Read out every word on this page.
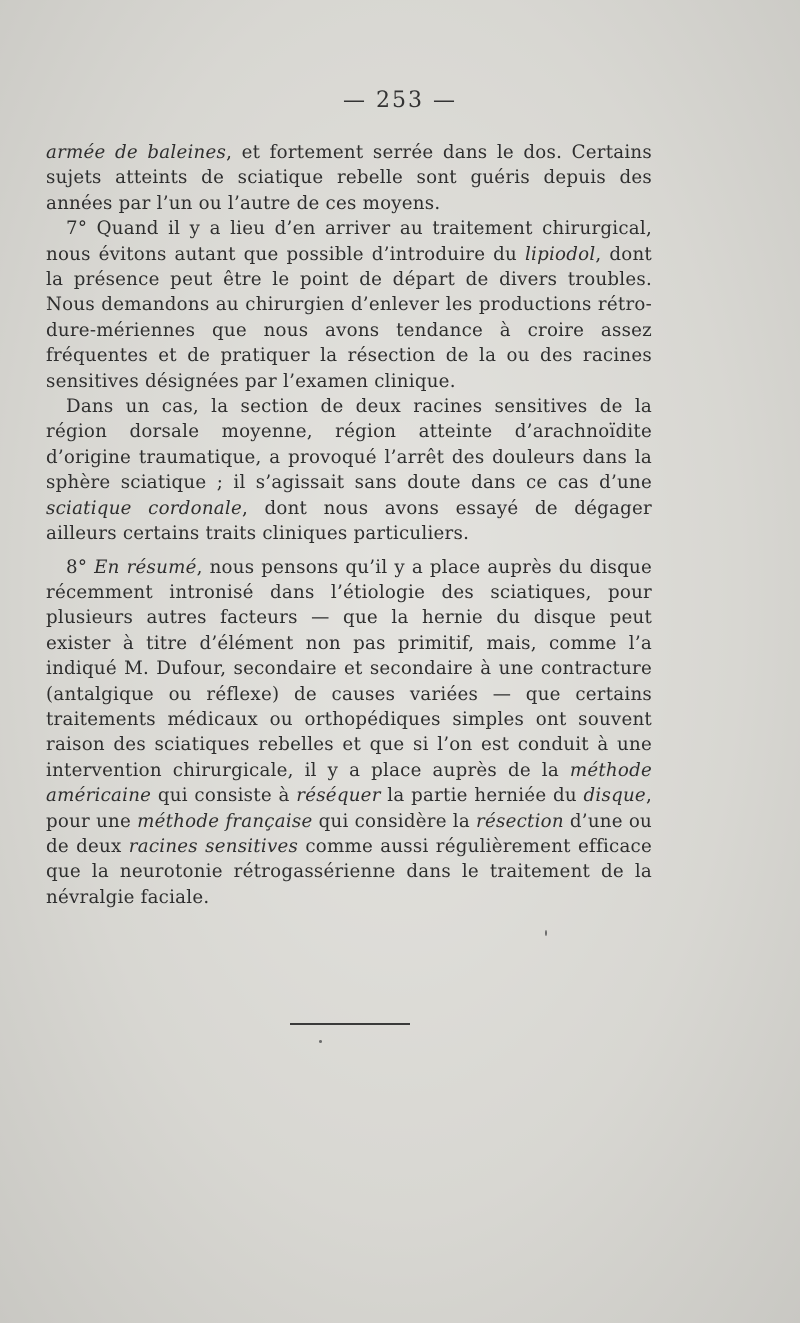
— 253 —

armée de baleines, et fortement serrée dans le dos. Certains sujets atteints de sciatique rebelle sont guéris depuis des années par l’un ou l’autre de ces moyens.

7° Quand il y a lieu d’en arriver au traitement chirurgical, nous évitons autant que possible d’introduire du lipiodol, dont la présence peut être le point de départ de divers troubles. Nous demandons au chirurgien d’enlever les productions rétro-dure-mériennes que nous avons tendance à croire assez fréquentes et de pratiquer la résection de la ou des racines sensitives désignées par l’examen clinique.

Dans un cas, la section de deux racines sensitives de la région dorsale moyenne, région atteinte d’arachnoïdite d’origine traumatique, a provoqué l’arrêt des douleurs dans la sphère sciatique ; il s’agissait sans doute dans ce cas d’une sciatique cordonale, dont nous avons essayé de dégager ailleurs certains traits cliniques particuliers.

8° En résumé, nous pensons qu’il y a place auprès du disque récemment intronisé dans l’étiologie des sciatiques, pour plusieurs autres facteurs — que la hernie du disque peut exister à titre d’élément non pas primitif, mais, comme l’a indiqué M. Dufour, secondaire et secondaire à une contracture (antalgique ou réflexe) de causes variées — que certains traitements médicaux ou orthopédiques simples ont souvent raison des sciatiques rebelles et que si l’on est conduit à une intervention chirurgicale, il y a place auprès de la méthode américaine qui consiste à réséquer la partie herniée du disque, pour une méthode française qui considère la résection d’une ou de deux racines sensitives comme aussi régulièrement efficace que la neurotonie rétrogassérienne dans le traitement de la névralgie faciale.
